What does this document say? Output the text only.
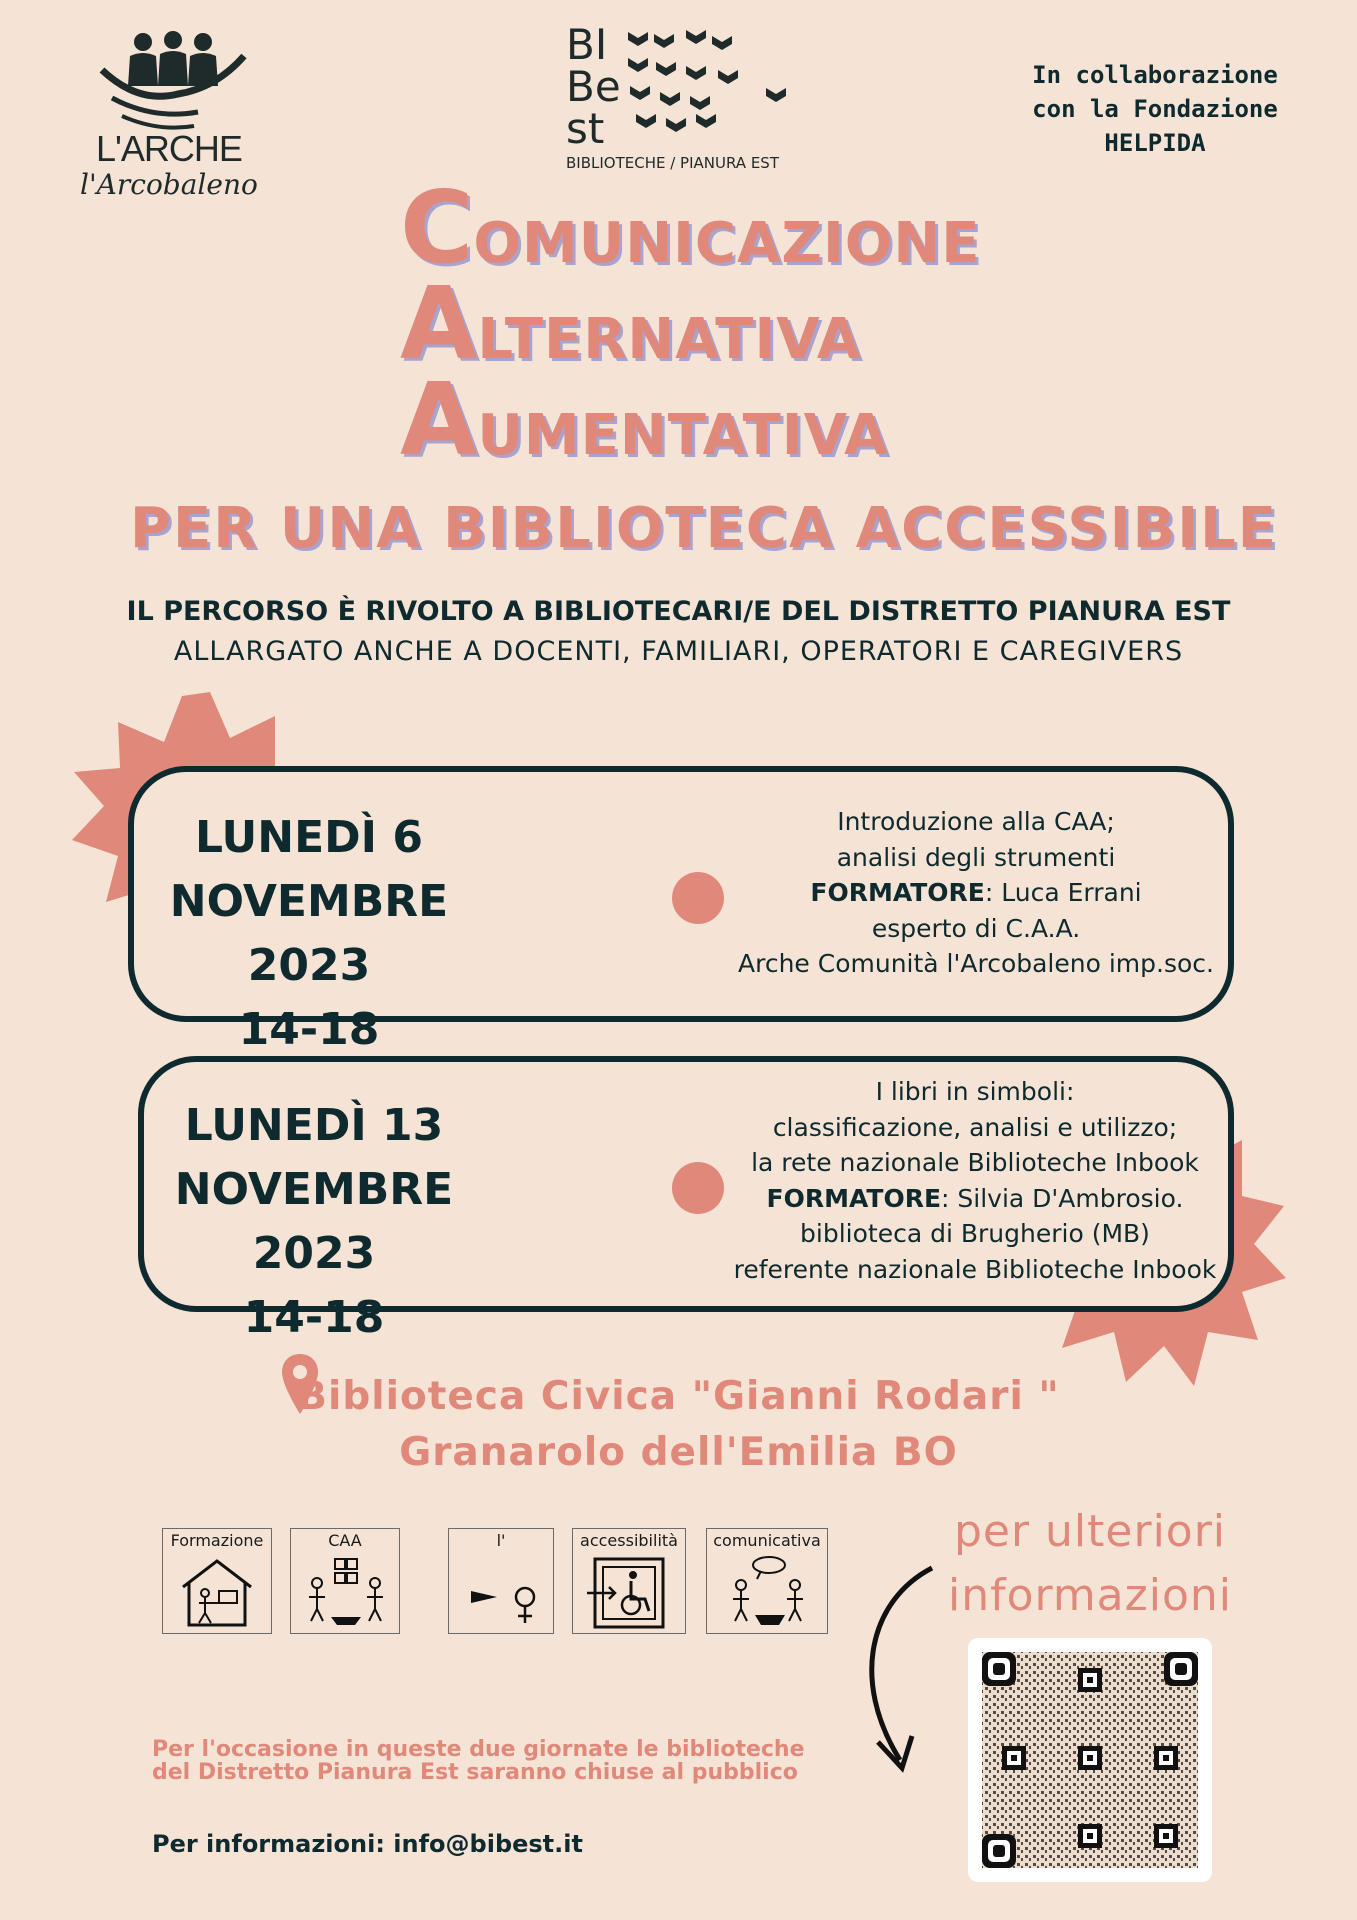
L'ARCHE
l'Arcobaleno
BI
Be
st
BIBLIOTECHE / PIANURA EST
In collaborazione
con la Fondazione
HELPIDA
COMUNICAZIONE
ALTERNATIVA
AUMENTATIVA
PER UNA BIBLIOTECA ACCESSIBILE
IL PERCORSO È RIVOLTO A BIBLIOTECARI/E DEL DISTRETTO PIANURA EST
ALLARGATO ANCHE A DOCENTI, FAMILIARI, OPERATORI E CAREGIVERS
LUNEDÌ 6
NOVEMBRE 2023
14-18
Introduzione alla CAA;
analisi degli strumenti
FORMATORE: Luca Errani
esperto di C.A.A.
Arche Comunità l'Arcobaleno imp.soc.
LUNEDÌ 13
NOVEMBRE 2023
14-18
I libri in simboli:
classificazione, analisi e utilizzo;
la rete nazionale Biblioteche Inbook
FORMATORE: Silvia D'Ambrosio.
biblioteca di Brugherio (MB)
referente nazionale Biblioteche Inbook
Biblioteca Civica "Gianni Rodari "
Granarolo dell'Emilia BO
Formazione	CAA	l'	accessibilità	comunicativa	per ulteriori
informazioni
Per l'occasione in queste due giornate le biblioteche
del Distretto Pianura Est saranno chiuse al pubblico
Per informazioni: info@bibest.it
